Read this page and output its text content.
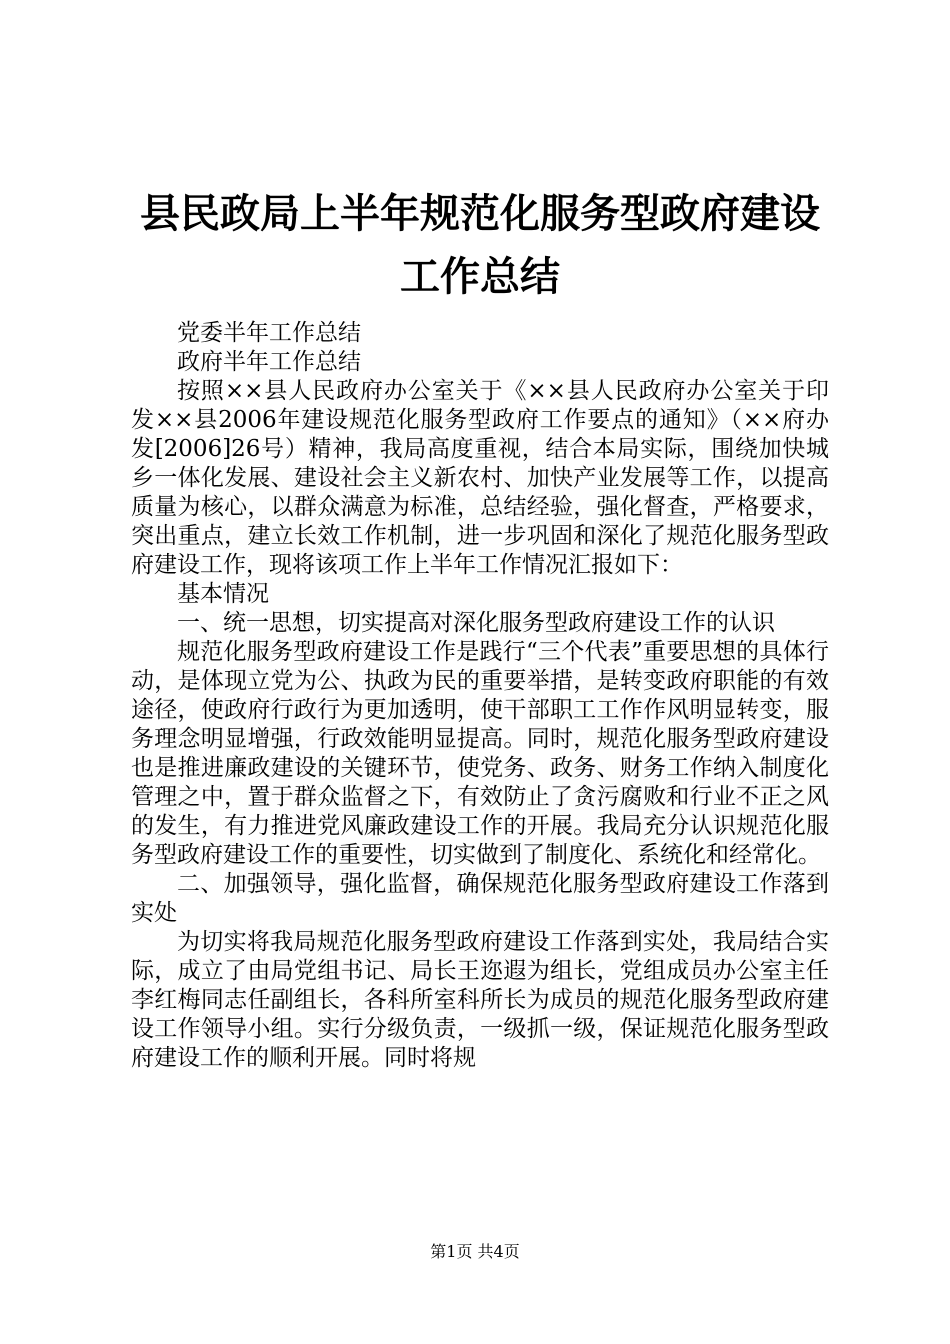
县民政局上半年规范化服务型政府建设工作总结

党委半年工作总结

政府半年工作总结

按照××县人民政府办公室关于《××县人民政府办公室关于印发××县2006年建设规范化服务型政府工作要点的通知》（××府办发[2006]26号）精神，我局高度重视，结合本局实际，围绕加快城乡一体化发展、建设社会主义新农村、加快产业发展等工作，以提高质量为核心，以群众满意为标准，总结经验，强化督查，严格要求，突出重点，建立长效工作机制，进一步巩固和深化了规范化服务型政府建设工作，现将该项工作上半年工作情况汇报如下：

基本情况

一、统一思想，切实提高对深化服务型政府建设工作的认识

规范化服务型政府建设工作是践行“三个代表”重要思想的具体行动，是体现立党为公、执政为民的重要举措，是转变政府职能的有效途径，使政府行政行为更加透明，使干部职工工作作风明显转变，服务理念明显增强，行政效能明显提高。同时，规范化服务型政府建设也是推进廉政建设的关键环节，使党务、政务、财务工作纳入制度化管理之中，置于群众监督之下，有效防止了贪污腐败和行业不正之风的发生，有力推进党风廉政建设工作的开展。我局充分认识规范化服务型政府建设工作的重要性，切实做到了制度化、系统化和经常化。

二、加强领导，强化监督，确保规范化服务型政府建设工作落到实处

为切实将我局规范化服务型政府建设工作落到实处，我局结合实际，成立了由局党组书记、局长王迩遐为组长，党组成员办公室主任李红梅同志任副组长，各科所室科所长为成员的规范化服务型政府建设工作领导小组。实行分级负责，一级抓一级，保证规范化服务型政府建设工作的顺利开展。同时将规

第1页 共4页
